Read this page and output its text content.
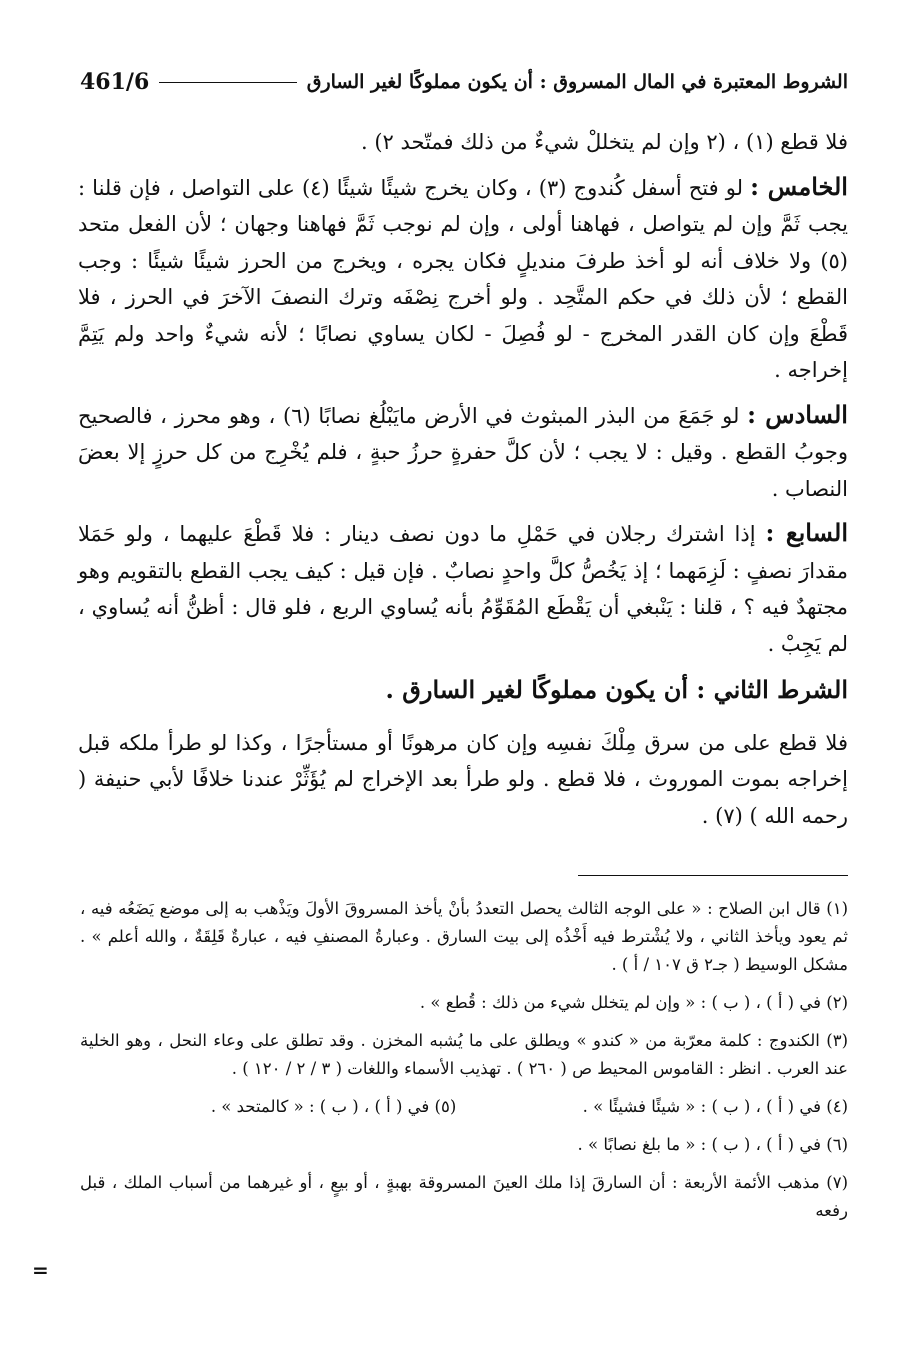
461/6	الشروط المعتبرة في المال المسروق : أن يكون مملوكًا لغير السارق

فلا قطع (١) ، (٢ وإن لم يتخللْ شيءٌ من ذلك فمتّحد ٢) .

الخامس : لو فتح أسفل كُندوج (٣) ، وكان يخرج شيئًا شيئًا (٤) على التواصل ، فإن قلنا : يجب ثَمَّ وإن لم يتواصل ، فهاهنا أولى ، وإن لم نوجب ثَمَّ فهاهنا وجهان ؛ لأن الفعل متحد (٥) ولا خلاف أنه لو أخذ طرفَ منديلٍ فكان يجره ، ويخرج من الحرز شيئًا شيئًا : وجب القطع ؛ لأن ذلك في حكم المتَّحِد . ولو أخرج نِصْفَه وترك النصفَ الآخرَ في الحرز ، فلا قَطْعَ وإن كان القدر المخرج - لو فُصِلَ - لكان يساوي نصابًا ؛ لأنه شيءٌ واحد ولم يَتِمَّ إخراجه .

السادس : لو جَمَعَ من البذر المبثوث في الأرض مايَبْلُغ نصابًا (٦) ، وهو محرز ، فالصحيح وجوبُ القطع . وقيل : لا يجب ؛ لأن كلَّ حفرةٍ حرزُ حبةٍ ، فلم يُخْرِج من كل حرزٍ إلا بعضَ النصاب .

السابع : إذا اشترك رجلان في حَمْلِ ما دون نصف دينار : فلا قَطْعَ عليهما ، ولو حَمَلا مقدارَ نصفٍ : لَزِمَهما ؛ إذ يَخُصُّ كلَّ واحدٍ نصابٌ . فإن قيل : كيف يجب القطع بالتقويم وهو مجتهدٌ فيه ؟ ، قلنا : يَنْبغي أن يَقْطَع المُقَوِّمُ بأنه يُساوي الربع ، فلو قال : أظنُّ أنه يُساوي ، لم يَجِبْ .

الشرط الثاني : أن يكون مملوكًا لغير السارق .

فلا قطع على من سرق مِلْكَ نفسِه وإن كان مرهونًا أو مستأجرًا ، وكذا لو طرأ ملكه قبل إخراجه بموت الموروث ، فلا قطع . ولو طرأ بعد الإخراج لم يُؤَثِّرْ عندنا خلافًا لأبي حنيفة ( رحمه الله ) (٧) .

(١) قال ابن الصلاح : « على الوجه الثالث يحصل التعددُ بأنْ يأخذ المسروقَ الأولَ ويَذْهب به إلى موضع يَضَعُه فيه ، ثم يعود ويأخذ الثاني ، ولا يُشْترط فيه أَخْذُه إلى بيت السارق . وعبارةُ المصنفِ فيه ، عبارةٌ قَلِقَةٌ ، والله أعلم » . مشكل الوسيط ( جـ٢ ق ١٠٧ / أ ) .

(٢) في ( أ ) ، ( ب ) : « وإن لم يتخلل شيء من ذلك : قُطع » .

(٣) الكندوج : كلمة معرّبة من « كندو » ويطلق على ما يُشبه المخزن . وقد تطلق على وعاء النحل ، وهو الخلية عند العرب . انظر : القاموس المحيط ص ( ٢٦٠ ) . تهذيب الأسماء واللغات ( ٣ / ٢ / ١٢٠ ) .

(٤) في ( أ ) ، ( ب ) : « شيئًا فشيئًا » .
(٥) في ( أ ) ، ( ب ) : « كالمتحد » .

(٦) في ( أ ) ، ( ب ) : « ما بلغ نصابًا » .

(٧) مذهب الأئمة الأربعة : أن السارقَ إذا ملك العينَ المسروقة بهبةٍ ، أو بيعٍ ، أو غيرهما من أسباب الملك ، قبل رفعه

=
